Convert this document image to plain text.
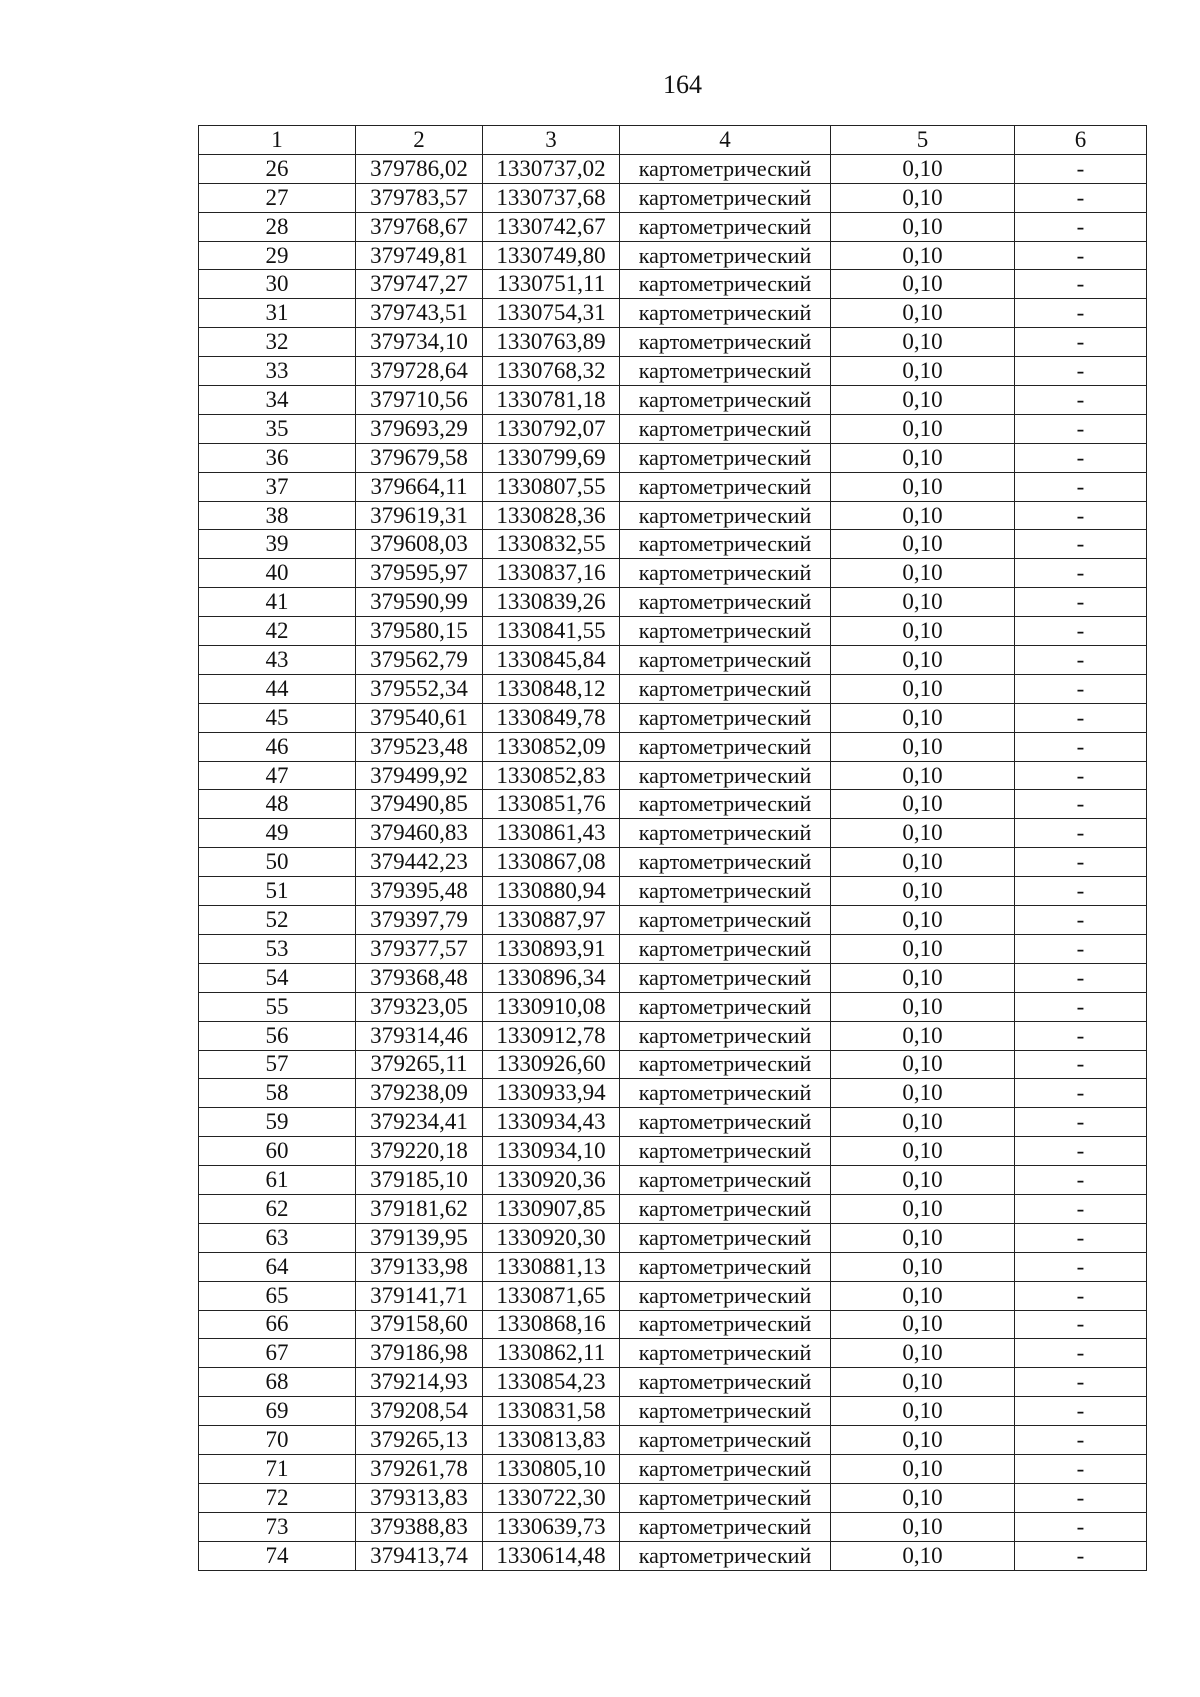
164
1	2	3	4	5	6
26	379786,02	1330737,02	картометрический	0,10	-
27	379783,57	1330737,68	картометрический	0,10	-
28	379768,67	1330742,67	картометрический	0,10	-
29	379749,81	1330749,80	картометрический	0,10	-
30	379747,27	1330751,11	картометрический	0,10	-
31	379743,51	1330754,31	картометрический	0,10	-
32	379734,10	1330763,89	картометрический	0,10	-
33	379728,64	1330768,32	картометрический	0,10	-
34	379710,56	1330781,18	картометрический	0,10	-
35	379693,29	1330792,07	картометрический	0,10	-
36	379679,58	1330799,69	картометрический	0,10	-
37	379664,11	1330807,55	картометрический	0,10	-
38	379619,31	1330828,36	картометрический	0,10	-
39	379608,03	1330832,55	картометрический	0,10	-
40	379595,97	1330837,16	картометрический	0,10	-
41	379590,99	1330839,26	картометрический	0,10	-
42	379580,15	1330841,55	картометрический	0,10	-
43	379562,79	1330845,84	картометрический	0,10	-
44	379552,34	1330848,12	картометрический	0,10	-
45	379540,61	1330849,78	картометрический	0,10	-
46	379523,48	1330852,09	картометрический	0,10	-
47	379499,92	1330852,83	картометрический	0,10	-
48	379490,85	1330851,76	картометрический	0,10	-
49	379460,83	1330861,43	картометрический	0,10	-
50	379442,23	1330867,08	картометрический	0,10	-
51	379395,48	1330880,94	картометрический	0,10	-
52	379397,79	1330887,97	картометрический	0,10	-
53	379377,57	1330893,91	картометрический	0,10	-
54	379368,48	1330896,34	картометрический	0,10	-
55	379323,05	1330910,08	картометрический	0,10	-
56	379314,46	1330912,78	картометрический	0,10	-
57	379265,11	1330926,60	картометрический	0,10	-
58	379238,09	1330933,94	картометрический	0,10	-
59	379234,41	1330934,43	картометрический	0,10	-
60	379220,18	1330934,10	картометрический	0,10	-
61	379185,10	1330920,36	картометрический	0,10	-
62	379181,62	1330907,85	картометрический	0,10	-
63	379139,95	1330920,30	картометрический	0,10	-
64	379133,98	1330881,13	картометрический	0,10	-
65	379141,71	1330871,65	картометрический	0,10	-
66	379158,60	1330868,16	картометрический	0,10	-
67	379186,98	1330862,11	картометрический	0,10	-
68	379214,93	1330854,23	картометрический	0,10	-
69	379208,54	1330831,58	картометрический	0,10	-
70	379265,13	1330813,83	картометрический	0,10	-
71	379261,78	1330805,10	картометрический	0,10	-
72	379313,83	1330722,30	картометрический	0,10	-
73	379388,83	1330639,73	картометрический	0,10	-
74	379413,74	1330614,48	картометрический	0,10	-
